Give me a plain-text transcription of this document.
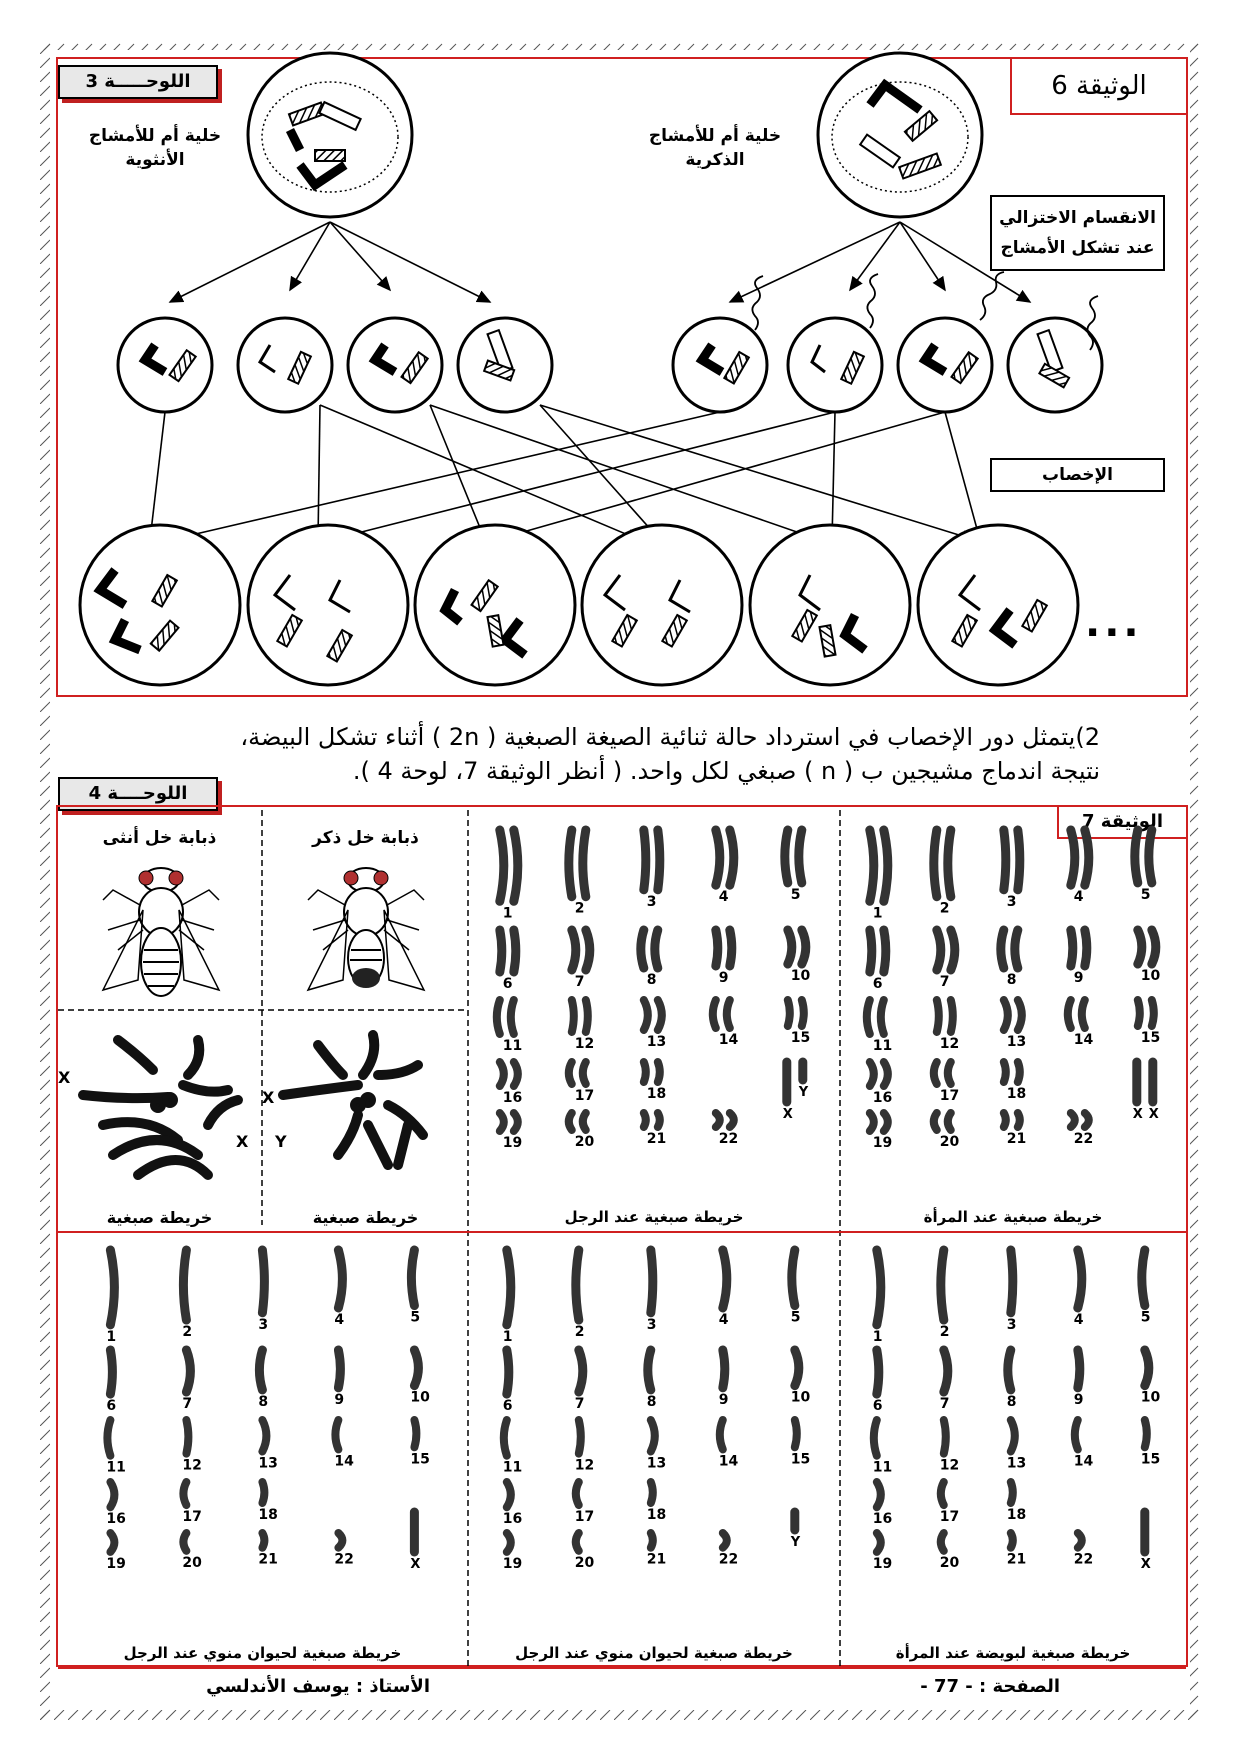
الوثيقة 6
اللوحـــــة 3
خلية أم للأمشاج الأنثوية
خلية أم للأمشاج الذكرية
الانقسام الاختزالي عند تشكل الأمشاج
الإخصاب
...
2)يتمثل دور الإخصاب في استرداد حالة ثنائية الصيغة الصبغية ( 2n ) أثناء تشكل البيضة،
نتيجة اندماج مشيجين ب ( n ) صبغي لكل واحد. ( أنظر الوثيقة 7، لوحة 4 ).
اللوحــــة 4
الوثيقة 7
ذبابة خل ذكر
ذبابة خل أنثى
X
X
X
Y
خريطة صبغية	خريطة صبغية
1	2	3	4	5
6	7	8	9	10
11	12	13	14	15
16	17	18
19	20	21	22
X
Y
1	2	3	4	5
6	7	8	9	10
11	12	13	14	15
16	17	18
19	20	21	22
X X
1	2	3	4	5
6	7	8	9	10
11	12	13	14	15
16	17	18
19	20	21	22	X
1	2	3	4	5
6	7	8	9	10
11	12	13	14	15
16	17	18
19	20	21	22
Y
1	2	3	4	5
6	7	8	9	10
11	12	13	14	15
16	17	18
19	20	21	22	X
خريطة صبغية عند الرجل	خريطة صبغية عند المرأة
خريطة صبغية لحيوان منوي عند الرجل	خريطة صبغية لحيوان منوي عند الرجل	خريطة صبغية لبويضة عند المرأة
الصفحة : - 77 -
الأستاذ : يوسف الأندلسي
